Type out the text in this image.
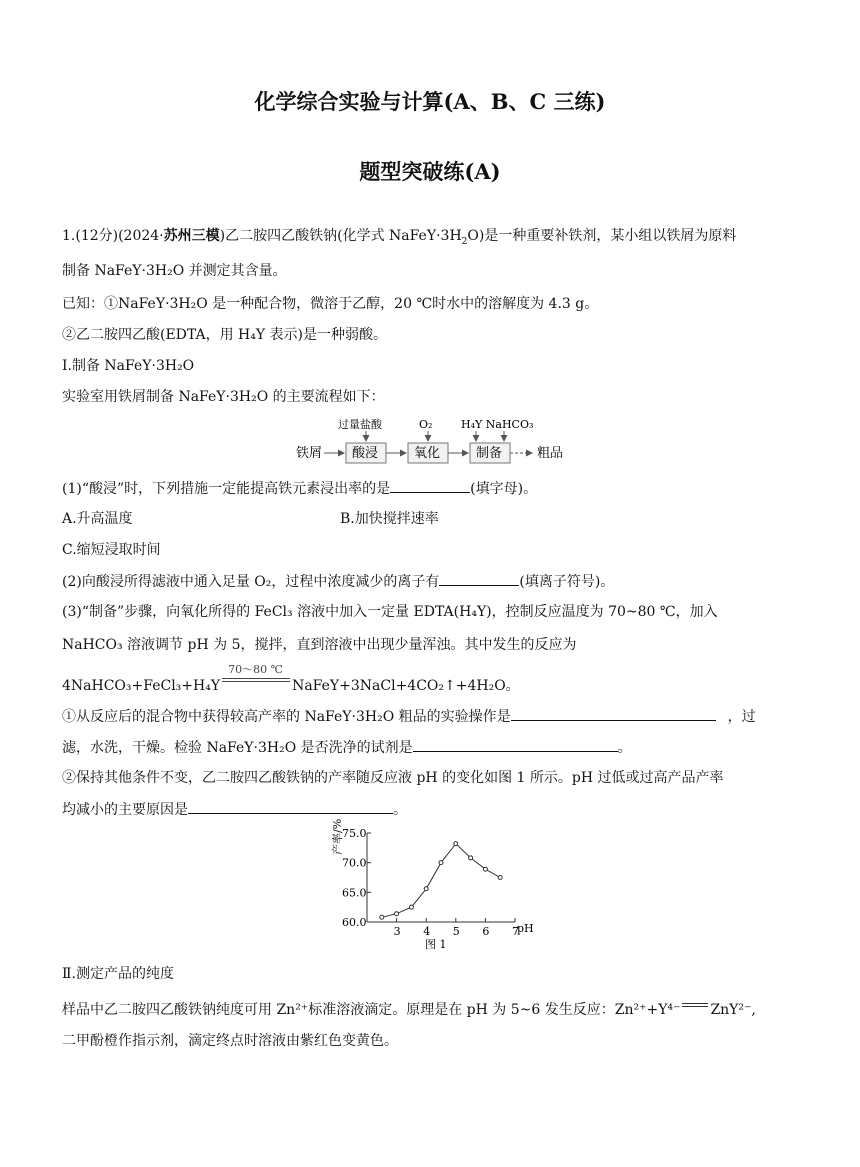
化学综合实验与计算(A、B、C 三练)
题型突破练(A)
1.(12分)(2024·苏州三模)乙二胺四乙酸铁钠(化学式 $NaFeY\cdot 3H_2O$)是一种重要补铁剂，某小组以铁屑为原料
制备 NaFeY·3H₂O 并测定其含量。
已知：①NaFeY·3H₂O 是一种配合物，微溶于乙醇，20 ℃时水中的溶解度为 4.3 g。
②乙二胺四乙酸(EDTA，用 H₄Y 表示)是一种弱酸。
Ⅰ.制备 NaFeY·3H₂O
实验室用铁屑制备 NaFeY·3H₂O 的主要流程如下：
铁屑 酸浸	氧化	制备	粗品
过量盐酸	O₂	H₄Y NaHCO₃
(1)“酸浸”时，下列措施一定能提高铁元素浸出率的是	(填字母)。
A.升高温度	B.加快搅拌速率
C.缩短浸取时间
(2)向酸浸所得滤液中通入足量 O₂，过程中浓度减少的离子有	(填离子符号)。
(3)“制备”步骤，向氧化所得的 FeCl₃ 溶液中加入一定量 EDTA(H₄Y)，控制反应温度为 70~80 ℃，加入
NaHCO₃ 溶液调节 pH 为 5，搅拌，直到溶液中出现少量浑浊。其中发生的反应为
4NaHCO₃+FeCl₃+H₄Y
70～80 ℃
NaFeY+3NaCl+4CO₂↑+4H₂O。
①从反应后的混合物中获得较高产率的 NaFeY·3H₂O 粗品的实验操作是	，过
滤，水洗，干燥。检验 NaFeY·3H₂O 是否洗净的试剂是	。
②保持其他条件不变，乙二胺四乙酸铁钠的产率随反应液 pH 的变化如图 1 所示。pH 过低或过高产品产率
均减小的主要原因是	。
3 4 5 6 7
60.0
65.0
70.0
75.0
产率/%
pH
图 1
Ⅱ.测定产品的纯度
样品中乙二胺四乙酸铁钠纯度可用 Zn²⁺标准溶液滴定。原理是在 pH 为 5~6 发生反应：Zn²⁺+Y⁴⁻ ZnY²⁻,
二甲酚橙作指示剂，滴定终点时溶液由紫红色变黄色。
